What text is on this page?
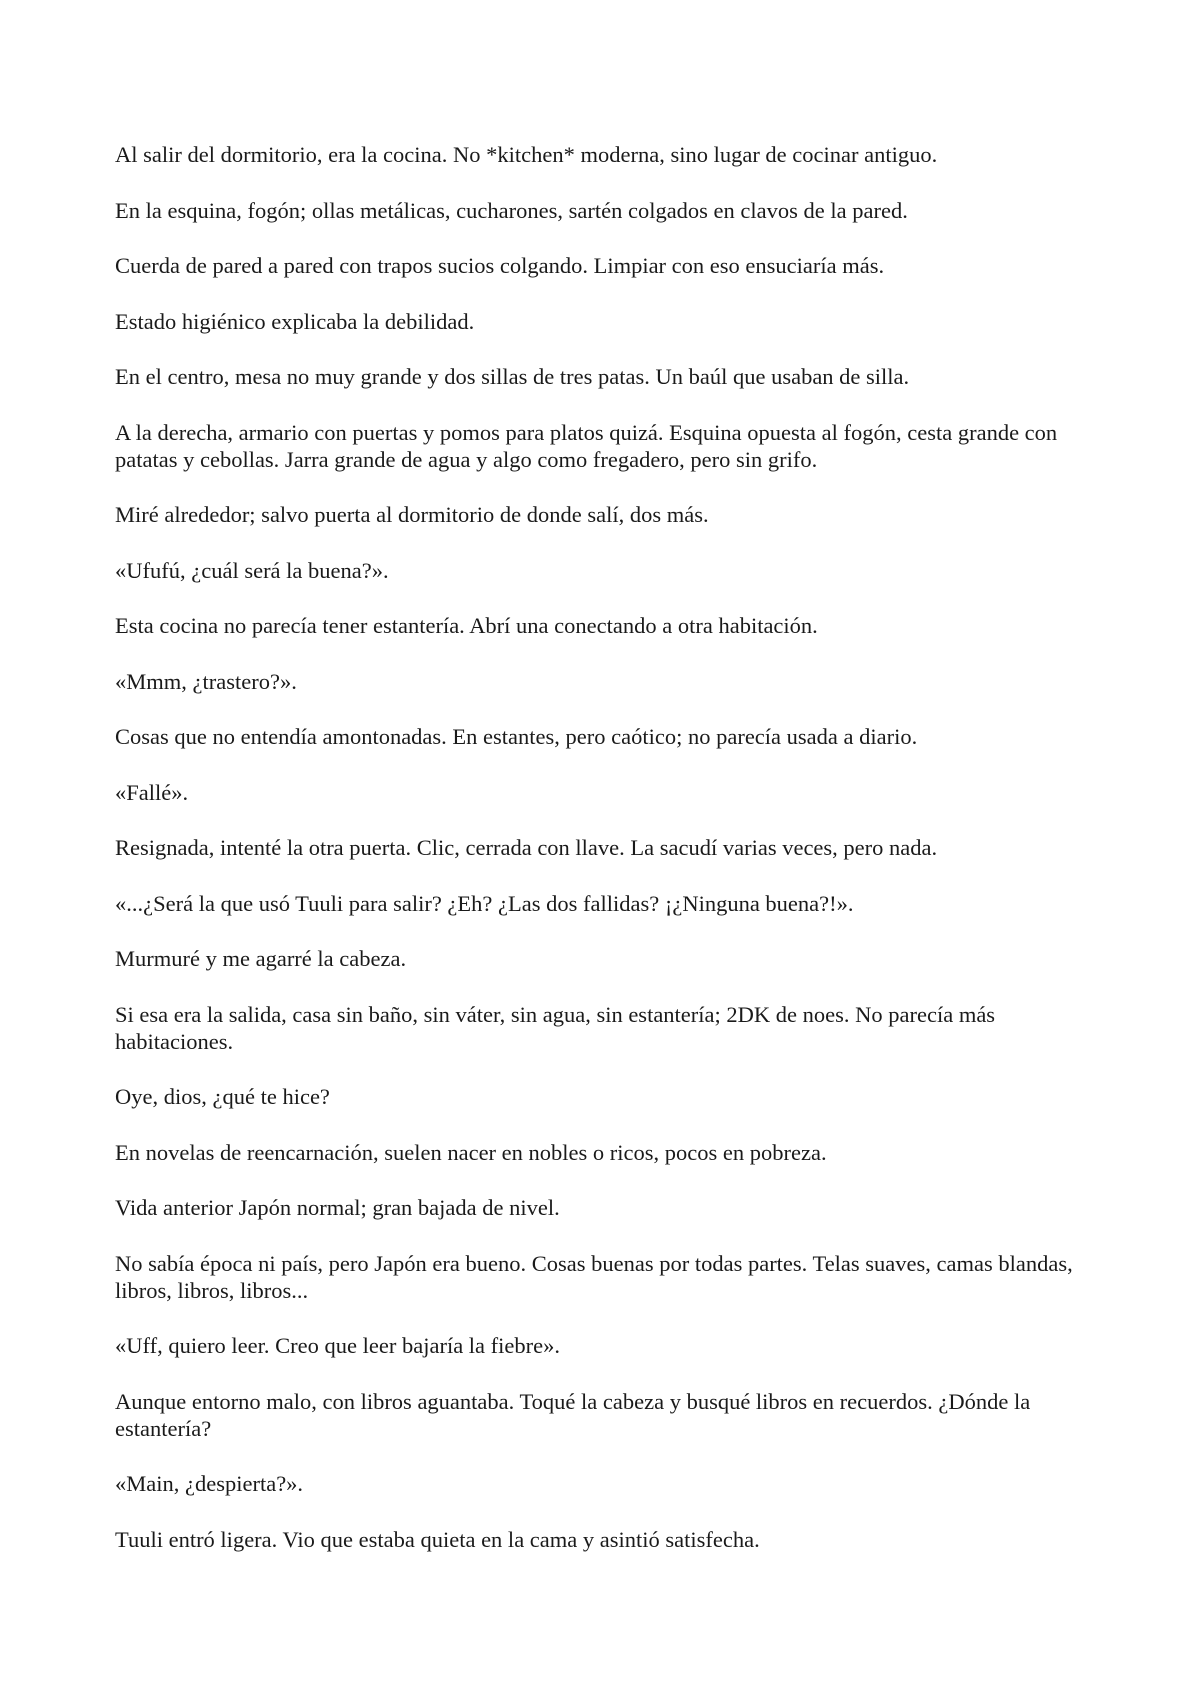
Al salir del dormitorio, era la cocina. No *kitchen* moderna, sino lugar de cocinar antiguo.

En la esquina, fogón; ollas metálicas, cucharones, sartén colgados en clavos de la pared.

Cuerda de pared a pared con trapos sucios colgando. Limpiar con eso ensuciaría más.

Estado higiénico explicaba la debilidad.

En el centro, mesa no muy grande y dos sillas de tres patas. Un baúl que usaban de silla.

A la derecha, armario con puertas y pomos para platos quizá. Esquina opuesta al fogón, cesta grande con patatas y cebollas. Jarra grande de agua y algo como fregadero, pero sin grifo.

Miré alrededor; salvo puerta al dormitorio de donde salí, dos más.

«Ufufú, ¿cuál será la buena?».

Esta cocina no parecía tener estantería. Abrí una conectando a otra habitación.

«Mmm, ¿trastero?».

Cosas que no entendía amontonadas. En estantes, pero caótico; no parecía usada a diario.

«Fallé».

Resignada, intenté la otra puerta. Clic, cerrada con llave. La sacudí varias veces, pero nada.

«...¿Será la que usó Tuuli para salir? ¿Eh? ¿Las dos fallidas? ¡¿Ninguna buena?!».

Murmuré y me agarré la cabeza.

Si esa era la salida, casa sin baño, sin váter, sin agua, sin estantería; 2DK de noes. No parecía más habitaciones.

Oye, dios, ¿qué te hice?

En novelas de reencarnación, suelen nacer en nobles o ricos, pocos en pobreza.

Vida anterior Japón normal; gran bajada de nivel.

No sabía época ni país, pero Japón era bueno. Cosas buenas por todas partes. Telas suaves, camas blandas, libros, libros, libros...

«Uff, quiero leer. Creo que leer bajaría la fiebre».

Aunque entorno malo, con libros aguantaba. Toqué la cabeza y busqué libros en recuerdos. ¿Dónde la estantería?

«Main, ¿despierta?».

Tuuli entró ligera. Vio que estaba quieta en la cama y asintió satisfecha.
